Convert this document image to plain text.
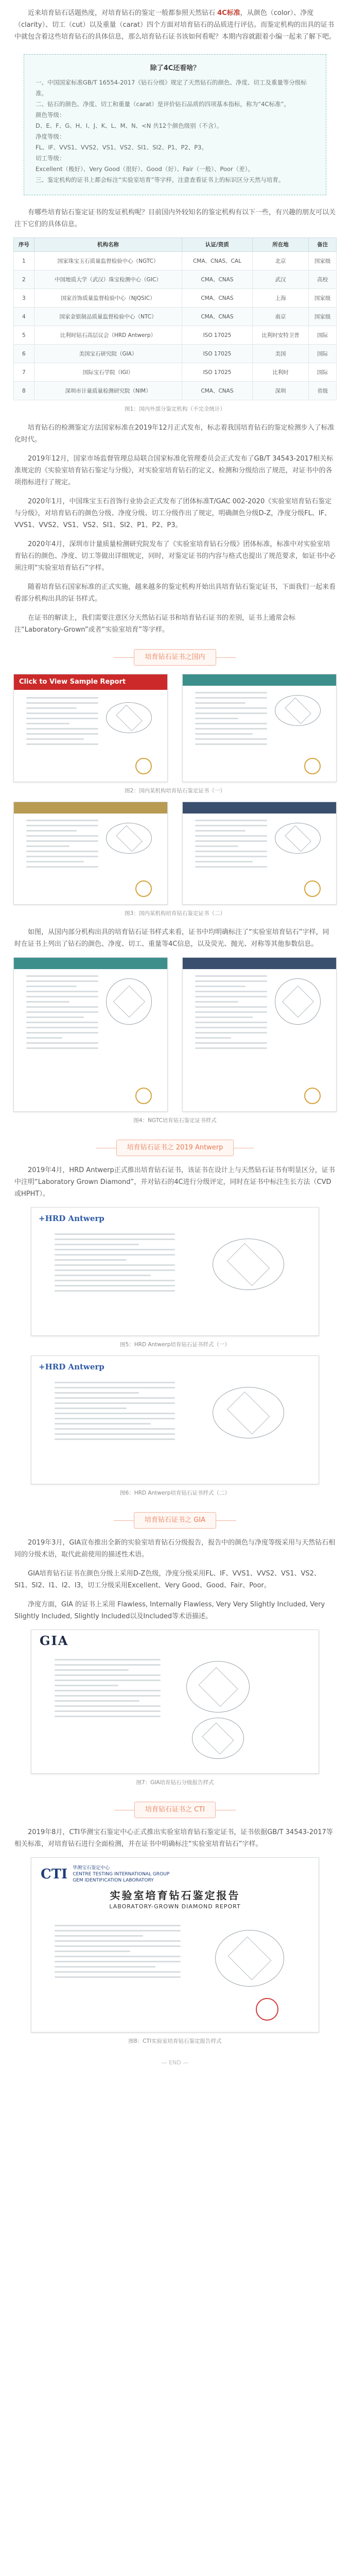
近来培育钻石话题热度，对培育钻石的鉴定一般都参照天然钻石 4C标准，从颜色（color）、净度（clarity）、切工（cut）以及重量（carat）四个方面对培育钻石的品质进行评估。而鉴定机构的出具的证书中就包含着这些培育钻石的具体信息，那么培育钻石证书该如何看呢？本期内容就跟着小编一起来了解下吧。

除了4C还看啥？
一、中国国家标准GB/T 16554-2017《钻石分级》规定了天然钻石的颜色、净度、切工及重量等分级标准。
二、钻石的颜色、净度、切工和重量（carat）是评价钻石品质的四项基本指标，称为“4C标准”。
颜色等级：
D、E、F、G、H、I、J、K、L、M、N、<N 共12个颜色级别（不含）。
净度等级：
FL、IF、VVS1、VVS2、VS1、VS2、SI1、SI2、P1、P2、P3。
切工等级：
Excellent（极好）、Very Good（很好）、Good（好）、Fair（一般）、Poor（差）。
三、鉴定机构的证书上都会标注“实验室培育”等字样，注意查看证书上的标识区分天然与培育。

有哪些培育钻石鉴定证书的发证机构呢？目前国内外较知名的鉴定机构有以下一些，有兴趣的朋友可以关注下它们的具体信息。

序号	机构名称	认证/资质	所在地	备注
1	国家珠宝玉石质量监督检验中心（NGTC）	CMA、CNAS、CAL	北京	国家级
2	中国地质大学（武汉）珠宝检测中心（GIC）	CMA、CNAS	武汉	高校
3	国家首饰质量监督检验中心（NJQSIC）	CMA、CNAS	上海	国家级
4	国家金银制品质量监督检验中心（NTC）	CMA、CNAS	南京	国家级
5	比利时钻石高层议会（HRD Antwerp）	ISO 17025	比利时安特卫普	国际
6	美国宝石研究院（GIA）	ISO 17025	美国	国际
7	国际宝石学院（IGI）	ISO 17025	比利时	国际
8	深圳市计量质量检测研究院（NIM）	CMA、CNAS	深圳	省级
图1：国内外部分鉴定机构（不完全统计）

培育钻石的检测鉴定方法国家标准在2019年12月正式发布，标志着我国培育钻石的鉴定检测步入了标准化时代。

2019年12月，国家市场监督管理总局联合国家标准化管理委员会正式发布了GB/T 34543-2017相关标准规定的《实验室培育钻石鉴定与分级》，对实验室培育钻石的定义、检测和分级给出了规范，对证书中的各项指标进行了规定。

2020年1月，中国珠宝玉石首饰行业协会正式发布了团体标准T/GAC 002-2020《实验室培育钻石鉴定与分级》，对培育钻石的颜色分级、净度分级、切工分级作出了规定，明确颜色分级D-Z，净度分级FL、IF、VVS1、VVS2、VS1、VS2、SI1、SI2、P1、P2、P3。

2020年4月，深圳市计量质量检测研究院发布了《实验室培育钻石分级》团体标准，标准中对实验室培育钻石的颜色、净度、切工等做出详细规定，同时，对鉴定证书的内容与格式也提出了规范要求，如证书中必须注明“实验室培育钻石”字样。

随着培育钻石国家标准的正式实施，越来越多的鉴定机构开始出具培育钻石鉴定证书，下面我们一起来看看部分机构出具的证书样式。

在证书的解读上，我们需要注意区分天然钻石证书和培育钻石证书的差别，证书上通常会标注“Laboratory-Grown”或者“实验室培育”等字样。

培育钻石证书之国内
Click to View Sample Report
图2：国内某机构培育钻石鉴定证书（一）
图3：国内某机构培育钻石鉴定证书（二）

如图，从国内部分机构出具的培育钻石证书样式来看，证书中均明确标注了“实验室培育钻石”字样，同时在证书上列出了钻石的颜色、净度、切工、重量等4C信息，以及荧光、抛光、对称等其他参数信息。

图4：NGTC培育钻石鉴定证书样式
培育钻石证书之 2019 Antwerp

2019年4月，HRD Antwerp正式推出培育钻石证书，该证书在设计上与天然钻石证书有明显区分，证书中注明“Laboratory Grown Diamond”，并对钻石的4C进行分级评定，同时在证书中标注生长方法（CVD或HPHT）。

+HRD Antwerp
图5：HRD Antwerp培育钻石证书样式（一）
+HRD Antwerp
图6：HRD Antwerp培育钻石证书样式（二）
培育钻石证书之 GIA

2019年3月，GIA宣布推出全新的实验室培育钻石分级报告，报告中的颜色与净度等级采用与天然钻石相同的分级术语，取代此前使用的描述性术语。

GIA培育钻石证书在颜色分级上采用D-Z色级，净度分级采用FL、IF、VVS1、VVS2、VS1、VS2、SI1、SI2、I1、I2、I3，切工分级采用Excellent、Very Good、Good、Fair、Poor。

净度方面，GIA 的证书上采用 Flawless, Internally Flawless, Very Very Slightly Included, Very Slightly Included, Slightly Included以及Included等术语描述。

GIA
图7：GIA培育钻石分级报告样式
培育钻石证书之 CTI

2019年8月，CTI华测宝石鉴定中心正式推出实验室培育钻石鉴定证书，证书依据GB/T 34543-2017等相关标准，对培育钻石进行全面检测，并在证书中明确标注“实验室培育钻石”字样。

CTI 华测宝石鉴定中心
CENTRE TESTING INTERNATIONAL GROUP
GEM IDENTIFICATION LABORATORY
实验室培育钻石鉴定报告
LABORATORY-GROWN DIAMOND REPORT
图8：CTI实验室培育钻石鉴定报告样式
— END —
